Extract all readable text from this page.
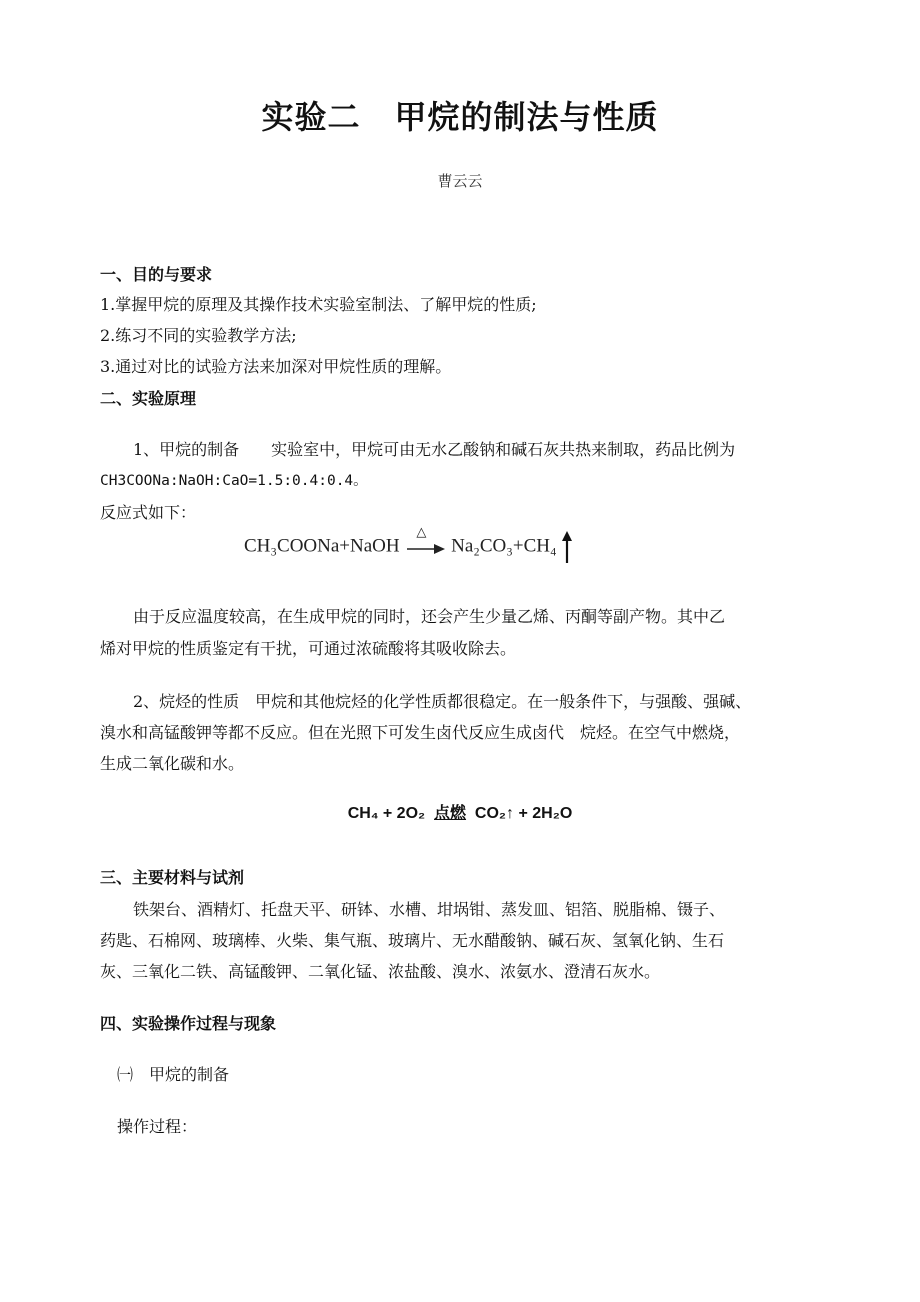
实验二 甲烷的制法与性质
曹云云
一、目的与要求
1.掌握甲烷的原理及其操作技术实验室制法、了解甲烷的性质;
2.练习不同的实验教学方法;
3.通过对比的试验方法来加深对甲烷性质的理解。
二、实验原理
1、甲烷的制备　　实验室中，甲烷可由无水乙酸钠和碱石灰共热来制取，药品比例为
CH3COONa:NaOH:CaO=1.5:0.4:0.4。
反应式如下：
CH₃COONa+NaOH
△
Na₂CO₃+CH₄
由于反应温度较高，在生成甲烷的同时，还会产生少量乙烯、丙酮等副产物。其中乙
烯对甲烷的性质鉴定有干扰，可通过浓硫酸将其吸收除去。
2、烷烃的性质　甲烷和其他烷烃的化学性质都很稳定。在一般条件下，与强酸、强碱、
溴水和高锰酸钾等都不反应。但在光照下可发生卤代反应生成卤代　烷烃。在空气中燃烧，
生成二氧化碳和水。
CH₄ + 2O₂ 点燃 CO₂↑ + 2H₂O
三、主要材料与试剂
铁架台、酒精灯、托盘天平、研钵、水槽、坩埚钳、蒸发皿、铝箔、脱脂棉、镊子、
药匙、石棉网、玻璃棒、火柴、集气瓶、玻璃片、无水醋酸钠、碱石灰、氢氧化钠、生石
灰、三氧化二铁、高锰酸钾、二氧化锰、浓盐酸、溴水、浓氨水、澄清石灰水。
四、实验操作过程与现象
㈠　甲烷的制备
操作过程：
